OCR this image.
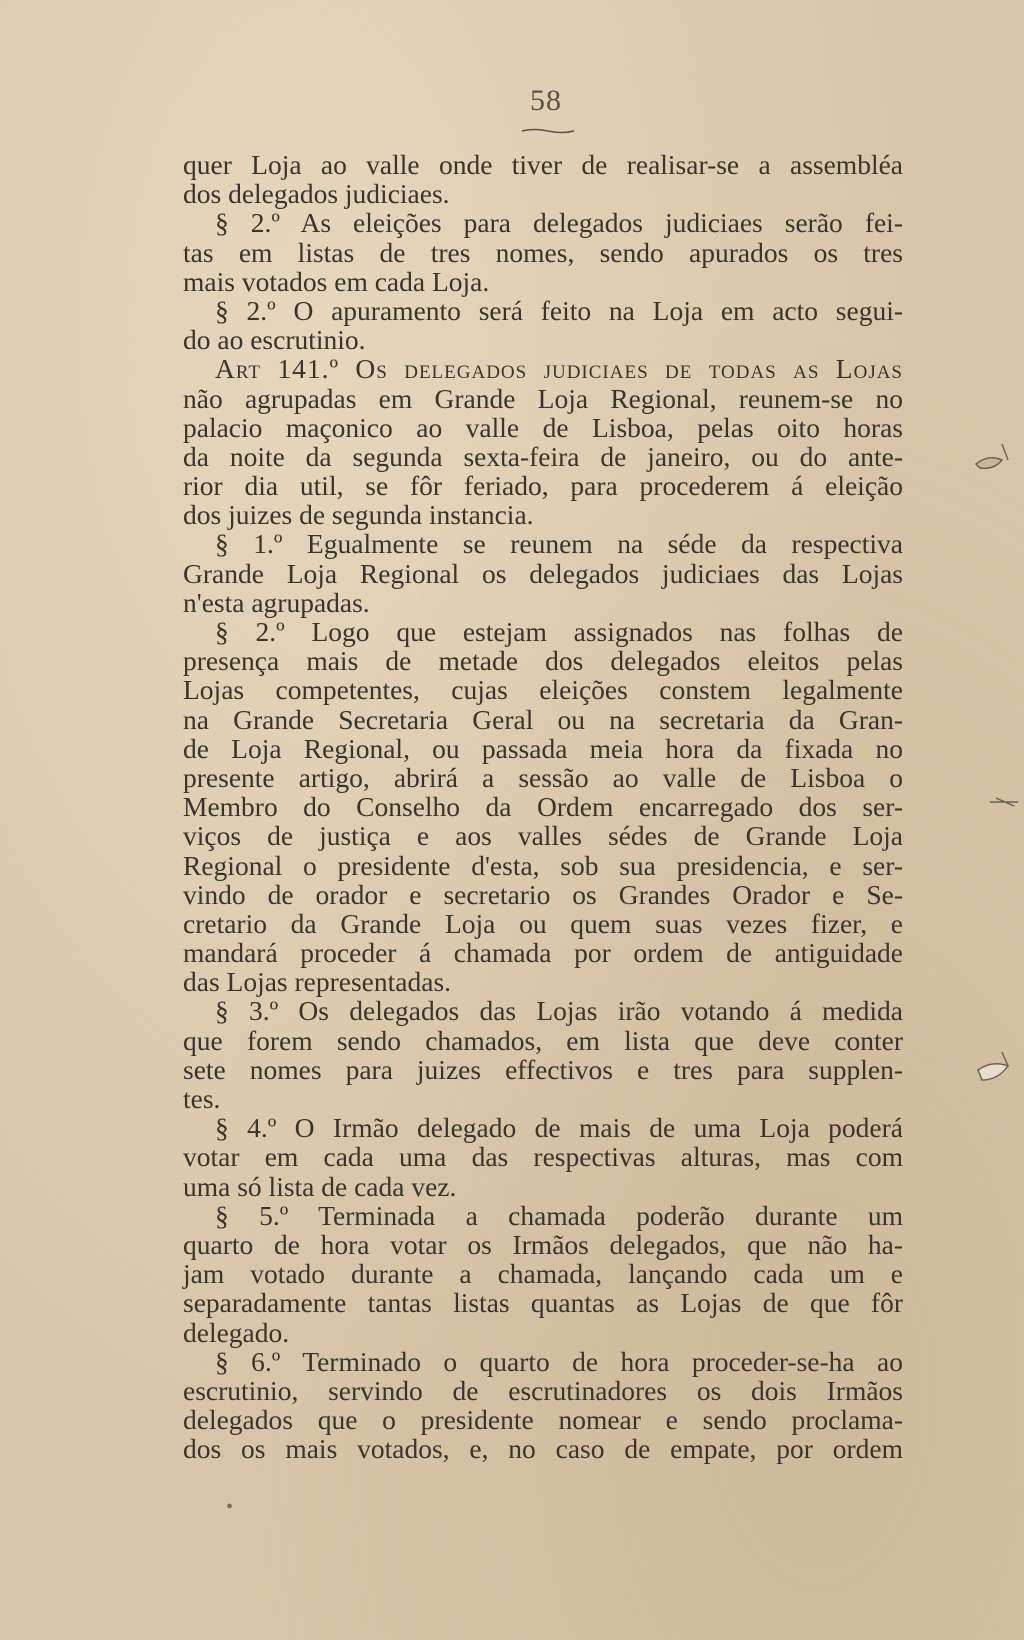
58
quer Loja ao valle onde tiver de realisar-se a assembléa
dos delegados judiciaes.
§ 2.º As eleições para delegados judiciaes serão fei-
tas em listas de tres nomes, sendo apurados os tres
mais votados em cada Loja.
§ 2.º O apuramento será feito na Loja em acto segui-
do ao escrutinio.
Art 141.º Os delegados judiciaes de todas as Lojas
não agrupadas em Grande Loja Regional, reunem-se no
palacio maçonico ao valle de Lisboa, pelas oito horas
da noite da segunda sexta-feira de janeiro, ou do ante-
rior dia util, se fôr feriado, para procederem á eleição
dos juizes de segunda instancia.
§ 1.º Egualmente se reunem na séde da respectiva
Grande Loja Regional os delegados judiciaes das Lojas
n'esta agrupadas.
§ 2.º Logo que estejam assignados nas folhas de
presença mais de metade dos delegados eleitos pelas
Lojas competentes, cujas eleições constem legalmente
na Grande Secretaria Geral ou na secretaria da Gran-
de Loja Regional, ou passada meia hora da fixada no
presente artigo, abrirá a sessão ao valle de Lisboa o
Membro do Conselho da Ordem encarregado dos ser-
viços de justiça e aos valles sédes de Grande Loja
Regional o presidente d'esta, sob sua presidencia, e ser-
vindo de orador e secretario os Grandes Orador e Se-
cretario da Grande Loja ou quem suas vezes fizer, e
mandará proceder á chamada por ordem de antiguidade
das Lojas representadas.
§ 3.º Os delegados das Lojas irão votando á medida
que forem sendo chamados, em lista que deve conter
sete nomes para juizes effectivos e tres para supplen-
tes.
§ 4.º O Irmão delegado de mais de uma Loja poderá
votar em cada uma das respectivas alturas, mas com
uma só lista de cada vez.
§ 5.º Terminada a chamada poderão durante um
quarto de hora votar os Irmãos delegados, que não ha-
jam votado durante a chamada, lançando cada um e
separadamente tantas listas quantas as Lojas de que fôr
delegado.
§ 6.º Terminado o quarto de hora proceder-se-ha ao
escrutinio, servindo de escrutinadores os dois Irmãos
delegados que o presidente nomear e sendo proclama-
dos os mais votados, e, no caso de empate, por ordem
•
